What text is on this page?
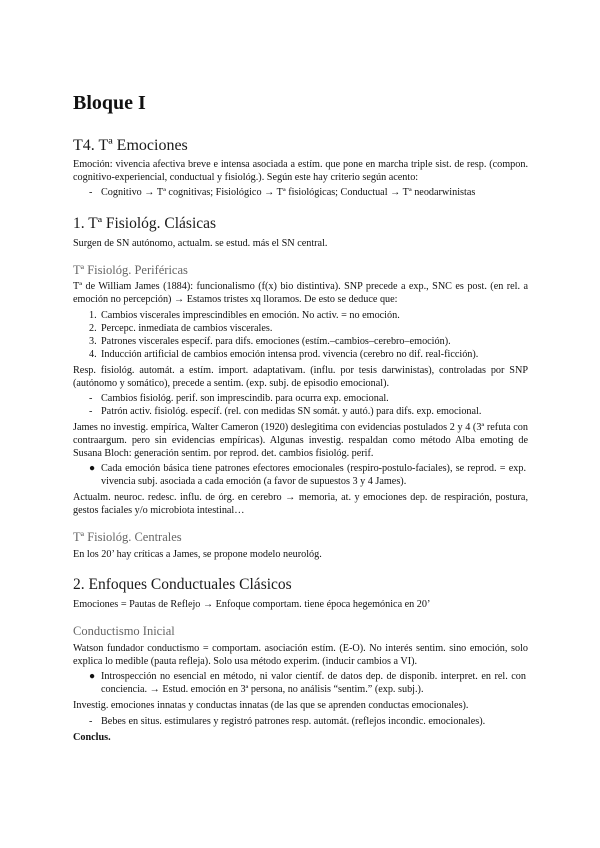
Bloque I
T4. Tª Emociones

Emoción: vivencia afectiva breve e intensa asociada a estím. que pone en marcha triple sist. de resp. (compon. cognitivo-experiencial, conductual y fisiológ.). Según este hay criterio según acento:

- Cognitivo → Tª cognitivas; Fisiológico → Tª fisiológicas; Conductual → Tª neodarwinistas

1. Tª Fisiológ. Clásicas

Surgen de SN autónomo, actualm. se estud. más el SN central.

Tª Fisiológ. Periféricas

Tª de William James (1884): funcionalismo (f(x) bio distintiva). SNP precede a exp., SNC es post. (en rel. a emoción no percepción) → Estamos tristes xq lloramos. De esto se deduce que:

1. Cambios viscerales imprescindibles en emoción. No activ. = no emoción.

2. Percepc. inmediata de cambios viscerales.

3. Patrones viscerales específ. para difs. emociones (estím.–cambios–cerebro–emoción).

4. Inducción artificial de cambios emoción intensa prod. vivencia (cerebro no dif. real-ficción).

Resp. fisiológ. automát. a estím. import. adaptativam. (influ. por tesis darwinistas), controladas por SNP (autónomo y somático), precede a sentim. (exp. subj. de episodio emocional).

- Cambios fisiológ. perif. son imprescindib. para ocurra exp. emocional.

- Patrón activ. fisiológ. específ. (rel. con medidas SN somát. y autó.) para difs. exp. emocional.

James no investig. empírica, Walter Cameron (1920) deslegitima con evidencias postulados 2 y 4 (3ª refuta con contraargum. pero sin evidencias empíricas). Algunas investig. respaldan como método Alba emoting de Susana Bloch: generación sentim. por reprod. det. cambios fisiológ. perif.

● Cada emoción básica tiene patrones efectores emocionales (respiro-postulo-faciales), se reprod. = exp. vivencia subj. asociada a cada emoción (a favor de supuestos 3 y 4 James).

Actualm. neuroc. redesc. influ. de órg. en cerebro → memoria, at. y emociones dep. de respiración, postura, gestos faciales y/o microbiota intestinal…

Tª Fisiológ. Centrales

En los 20’ hay críticas a James, se propone modelo neurológ.

2. Enfoques Conductuales Clásicos

Emociones = Pautas de Reflejo → Enfoque comportam. tiene época hegemónica en 20’

Conductismo Inicial

Watson fundador conductismo = comportam. asociación estím. (E-O). No interés sentim. sino emoción, solo explica lo medible (pauta refleja). Solo usa método experim. (inducir cambios a VI).

● Introspección no esencial en método, ni valor científ. de datos dep. de disponib. interpret. en rel. con conciencia. → Estud. emoción en 3ª persona, no análisis “sentim.” (exp. subj.).

Investig. emociones innatas y conductas innatas (de las que se aprenden conductas emocionales).

- Bebes en situs. estimulares y registró patrones resp. automát. (reflejos incondic. emocionales).

Conclus.
